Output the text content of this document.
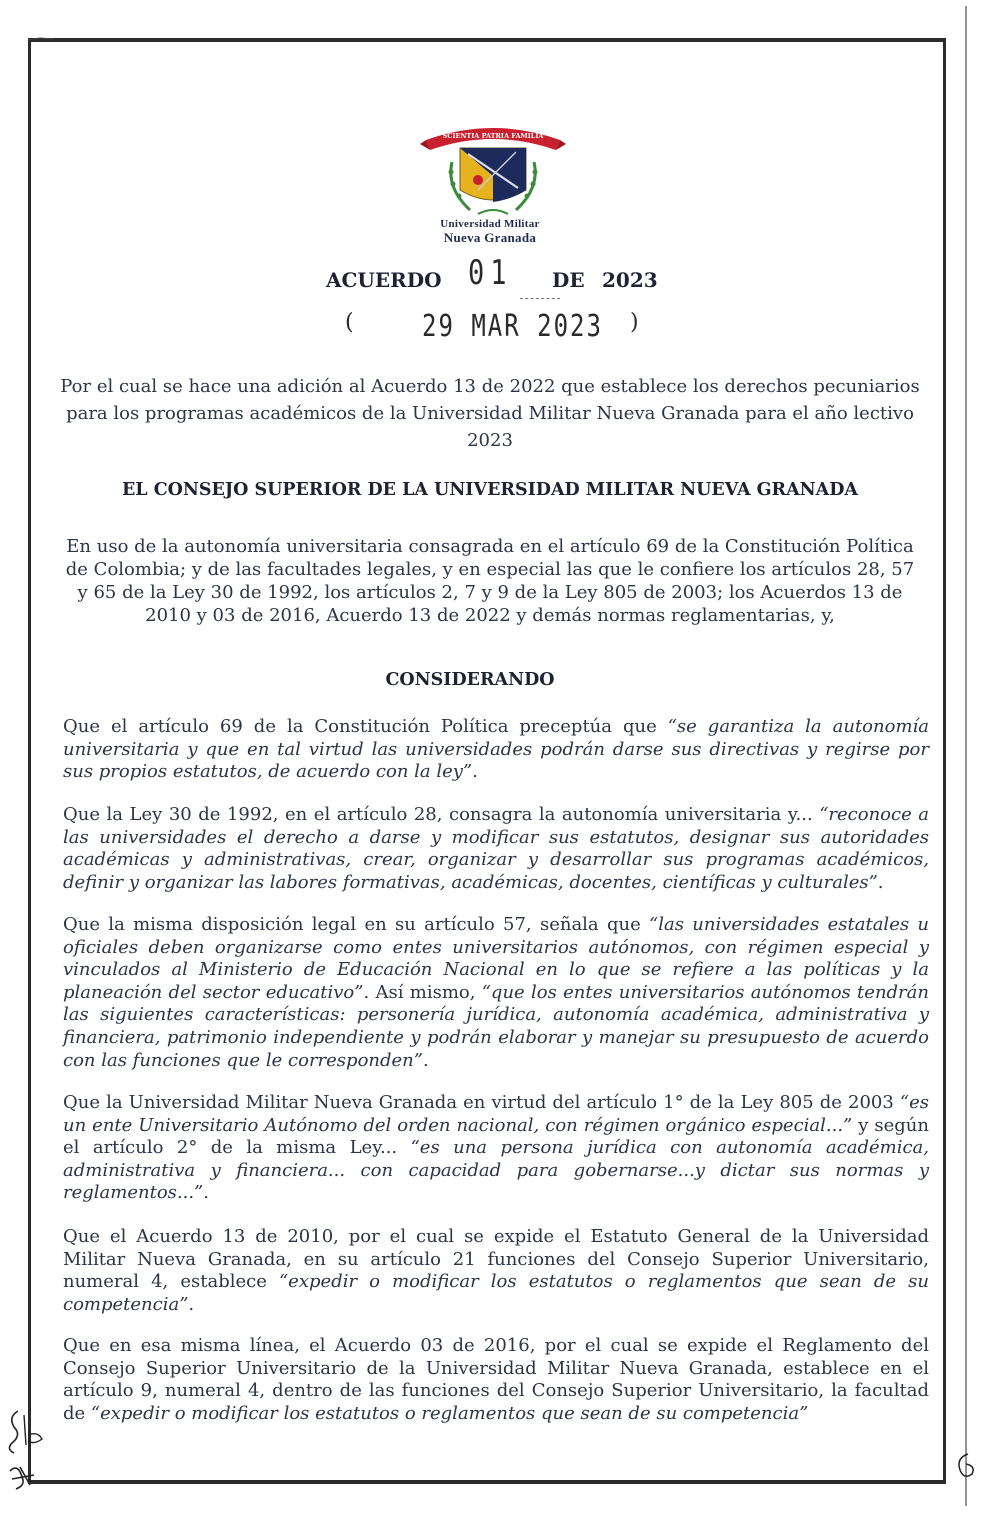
SCIENTIA PATRIA FAMILIA
Universidad Militar
Nueva Granada
ACUERDO 01 DE 2023
(	29 MAR 2023 )
Por el cual se hace una adición al Acuerdo 13 de 2022 que establece los derechos pecuniarios para los programas académicos de la Universidad Militar Nueva Granada para el año lectivo 2023
EL CONSEJO SUPERIOR DE LA UNIVERSIDAD MILITAR NUEVA GRANADA
En uso de la autonomía universitaria consagrada en el artículo 69 de la Constitución Política de Colombia; y de las facultades legales, y en especial las que le confiere los artículos 28, 57 y 65 de la Ley 30 de 1992, los artículos 2, 7 y 9 de la Ley 805 de 2003; los Acuerdos 13 de 2010 y 03 de 2016, Acuerdo 13 de 2022 y demás normas reglamentarias, y,
CONSIDERANDO
Que el artículo 69 de la Constitución Política preceptúa que “se garantiza la autonomía universitaria y que en tal virtud las universidades podrán darse sus directivas y regirse por sus propios estatutos, de acuerdo con la ley”.
Que la Ley 30 de 1992, en el artículo 28, consagra la autonomía universitaria y... “reconoce a las universidades el derecho a darse y modificar sus estatutos, designar sus autoridades académicas y administrativas, crear, organizar y desarrollar sus programas académicos, definir y organizar las labores formativas, académicas, docentes, científicas y culturales”.
Que la misma disposición legal en su artículo 57, señala que “las universidades estatales u oficiales deben organizarse como entes universitarios autónomos, con régimen especial y vinculados al Ministerio de Educación Nacional en lo que se refiere a las políticas y la planeación del sector educativo”. Así mismo, “que los entes universitarios autónomos tendrán las siguientes características: personería jurídica, autonomía académica, administrativa y financiera, patrimonio independiente y podrán elaborar y manejar su presupuesto de acuerdo con las funciones que le corresponden”.
Que la Universidad Militar Nueva Granada en virtud del artículo 1° de la Ley 805 de 2003 “es un ente Universitario Autónomo del orden nacional, con régimen orgánico especial...” y según el artículo 2° de la misma Ley... “es una persona jurídica con autonomía académica, administrativa y financiera... con capacidad para gobernarse...y dictar sus normas y reglamentos...”.
Que el Acuerdo 13 de 2010, por el cual se expide el Estatuto General de la Universidad Militar Nueva Granada, en su artículo 21 funciones del Consejo Superior Universitario, numeral 4, establece “expedir o modificar los estatutos o reglamentos que sean de su competencia”.
Que en esa misma línea, el Acuerdo 03 de 2016, por el cual se expide el Reglamento del Consejo Superior Universitario de la Universidad Militar Nueva Granada, establece en el artículo 9, numeral 4, dentro de las funciones del Consejo Superior Universitario, la facultad de “expedir o modificar los estatutos o reglamentos que sean de su competencia”
